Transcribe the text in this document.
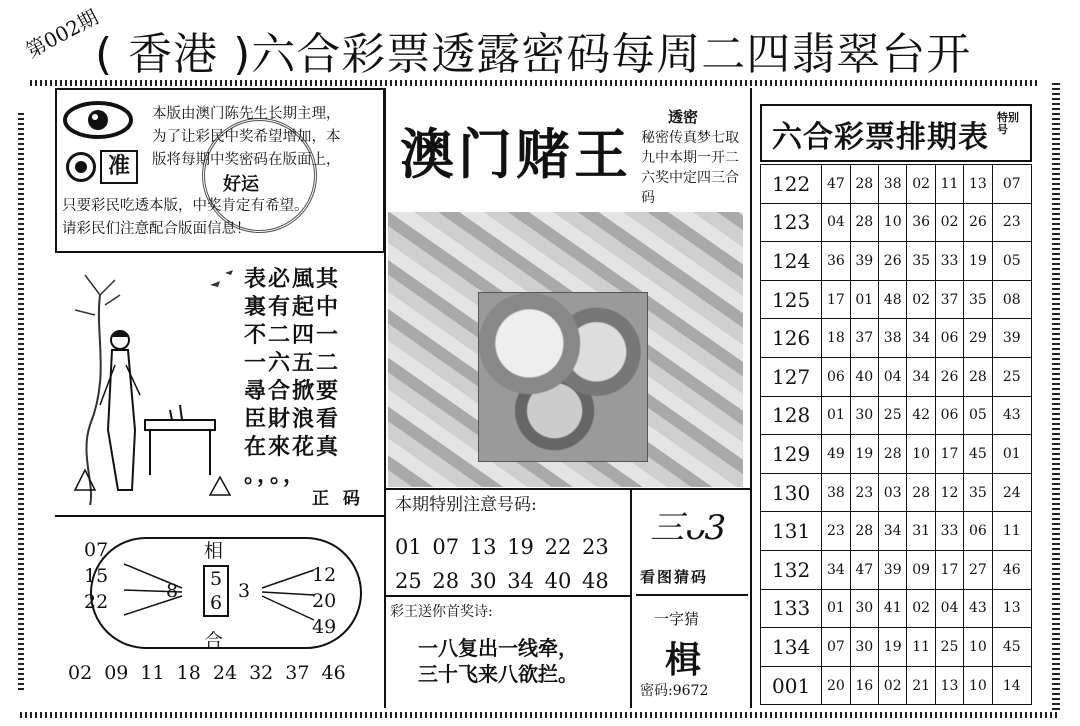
第002期
( 香港 )六合彩票透露密码每周二四翡翠台开
准
好运
本版由澳门陈先生长期主理，
为了让彩民中奖希望增加，本
版将每期中奖密码在版面上，
只要彩民吃透本版，中奖肯定有希望。
请彩民们注意配合版面信息！
表必風其
裏有起中
不二四一
一六五二
尋合掀要
臣財浪看
在來花真
。，。，
正 码
07
15
22	8
相
5
6
合
3
12
20
49
02 09 11 18 24 32 37 46
澳门赌王
透密
秘密传真梦七取九中本期一开二六奖中定四三合码
本期特别注意号码:
01 07 13 19 22 23
25 28 30 34 40 48
彩王送你首奖诗:
一八复出一线牵，
三十飞来八欲拦。
三ᴗ3
看图猜码
一字猜
楫
密码:9672
六合彩票排期表
特别号
122	47	28	38	02	11	13	07
123	04	28	10	36	02	26	23
124	36	39	26	35	33	19	05
125	17	01	48	02	37	35	08
126	18	37	38	34	06	29	39
127	06	40	04	34	26	28	25
128	01	30	25	42	06	05	43
129	49	19	28	10	17	45	01
130	38	23	03	28	12	35	24
131	23	28	34	31	33	06	11
132	34	47	39	09	17	27	46
133	01	30	41	02	04	43	13
134	07	30	19	11	25	10	45
001	20	16	02	21	13	10	14
